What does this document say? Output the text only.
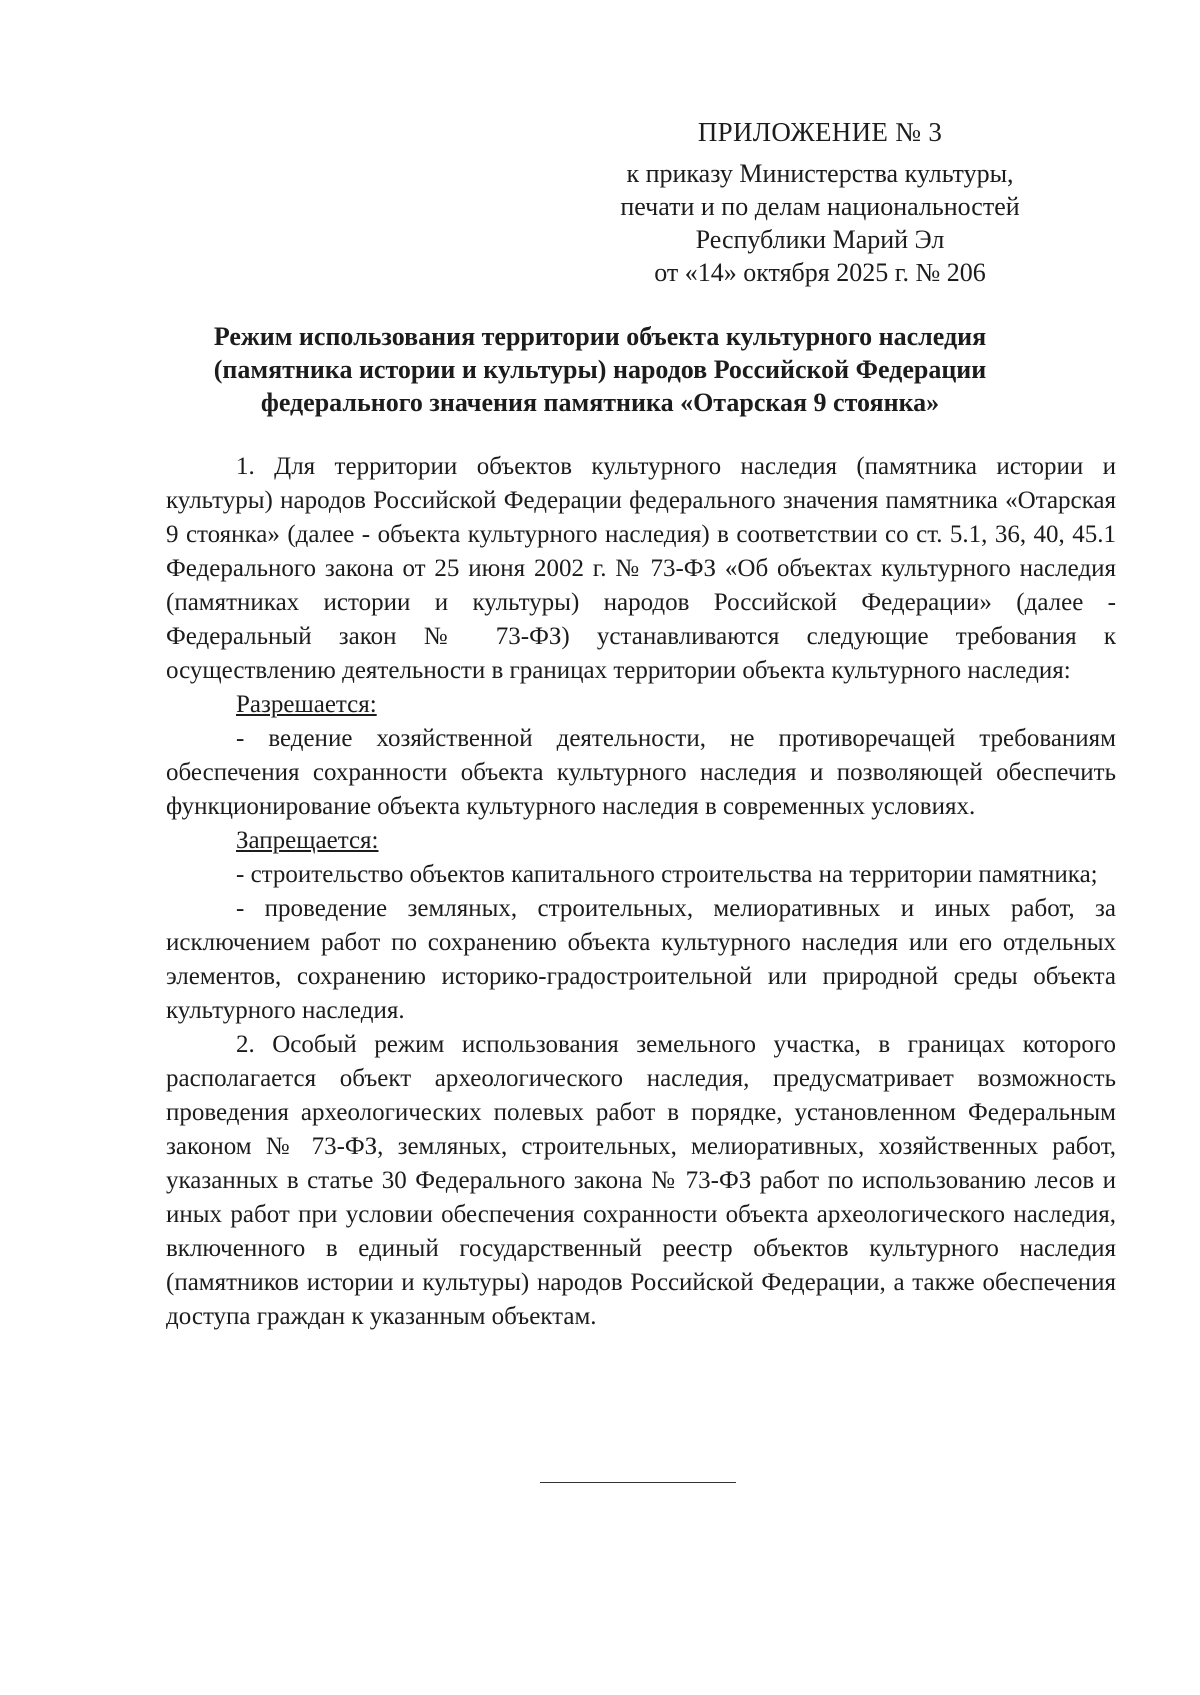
ПРИЛОЖЕНИЕ № 3

к приказу Министерства культуры,

печати и по делам национальностей

Республики Марий Эл

от «14» октября 2025 г. № 206

Режим использования территории объекта культурного наследия
(памятника истории и культуры) народов Российской Федерации
федерального значения памятника «Отарская 9 стоянка»

1. Для территории объектов культурного наследия (памятника истории и культуры) народов Российской Федерации федерального значения памятника «Отарская 9 стоянка» (далее - объекта культурного наследия) в соответствии со ст. 5.1, 36, 40, 45.1 Федерального закона от 25 июня 2002 г. № 73-ФЗ «Об объектах культурного наследия (памятниках истории и культуры) народов Российской Федерации» (далее - Федеральный закон № 73-ФЗ) устанавливаются следующие требования к осуществлению деятельности в границах территории объекта культурного наследия:

Разрешается:

- ведение хозяйственной деятельности, не противоречащей требованиям обеспечения сохранности объекта культурного наследия и позволяющей обеспечить функционирование объекта культурного наследия в современных условиях.

Запрещается:

- строительство объектов капитального строительства на территории памятника;

- проведение земляных, строительных, мелиоративных и иных работ, за исключением работ по сохранению объекта культурного наследия или его отдельных элементов, сохранению историко-градостроительной или природной среды объекта культурного наследия.

2. Особый режим использования земельного участка, в границах которого располагается объект археологического наследия, предусматривает возможность проведения археологических полевых работ в порядке, установленном Федеральным законом № 73-ФЗ, земляных, строительных, мелиоративных, хозяйственных работ, указанных в статье 30 Федерального закона № 73-ФЗ работ по использованию лесов и иных работ при условии обеспечения сохранности объекта археологического наследия, включенного в единый государственный реестр объектов культурного наследия (памятников истории и культуры) народов Российской Федерации, а также обеспечения доступа граждан к указанным объектам.
